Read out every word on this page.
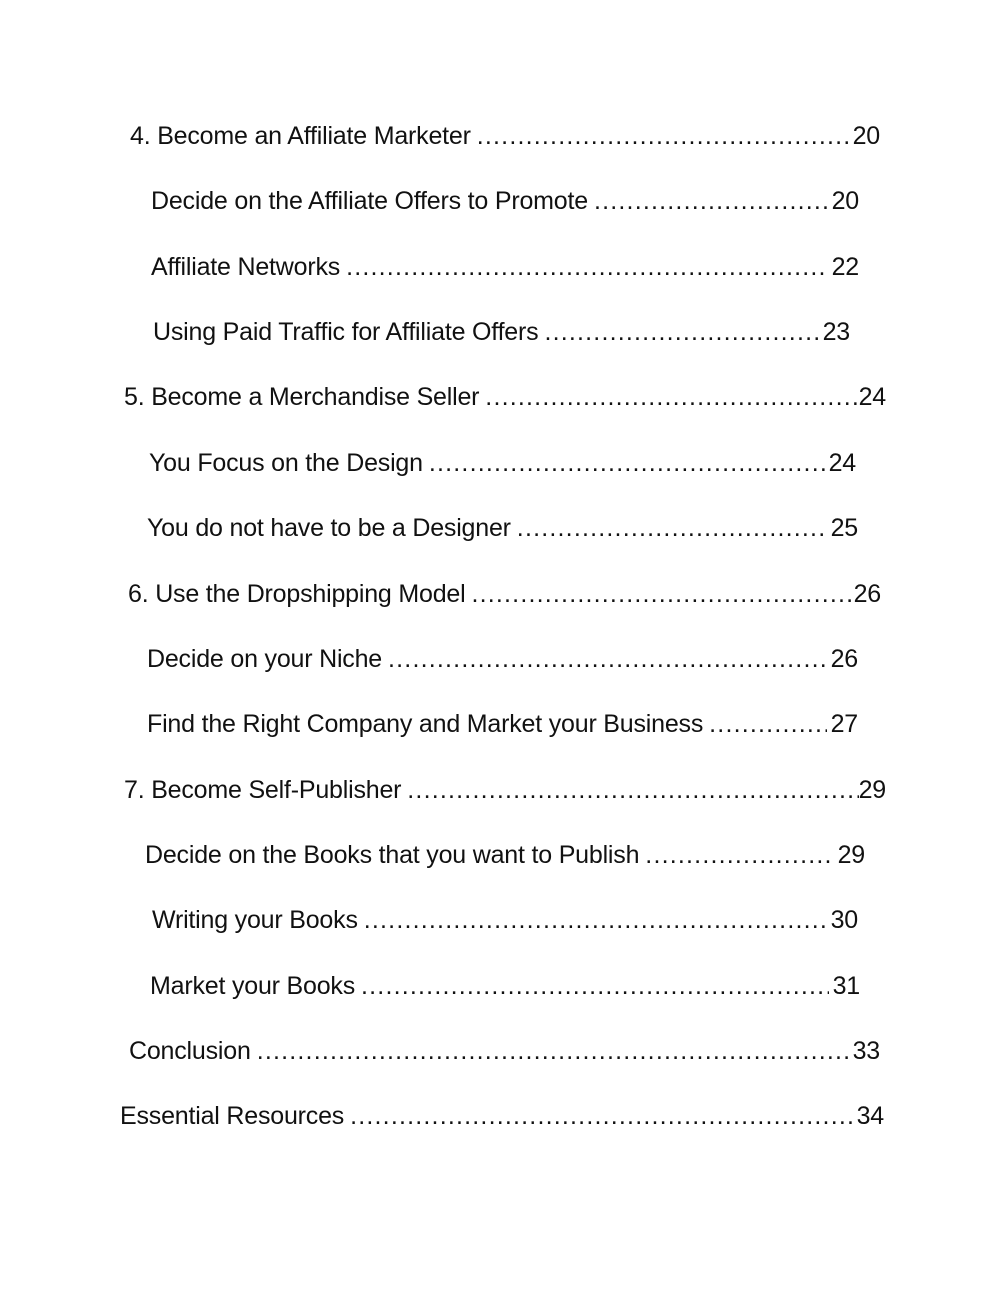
4. Become an Affiliate Marketer .....	20
Decide on the Affiliate Offers to Promote .....	20
Affiliate Networks .....	22
Using Paid Traffic for Affiliate Offers .....	23
5. Become a Merchandise Seller .....	24
You Focus on the Design .....	24
You do not have to be a Designer .....	25
6. Use the Dropshipping Model .....	26
Decide on your Niche .....	26
Find the Right Company and Market your Business .....	27
7. Become Self-Publisher .....	29
Decide on the Books that you want to Publish .....	29
Writing your Books .....	30
Market your Books .....	31
Conclusion .....	33
Essential Resources .....	34
